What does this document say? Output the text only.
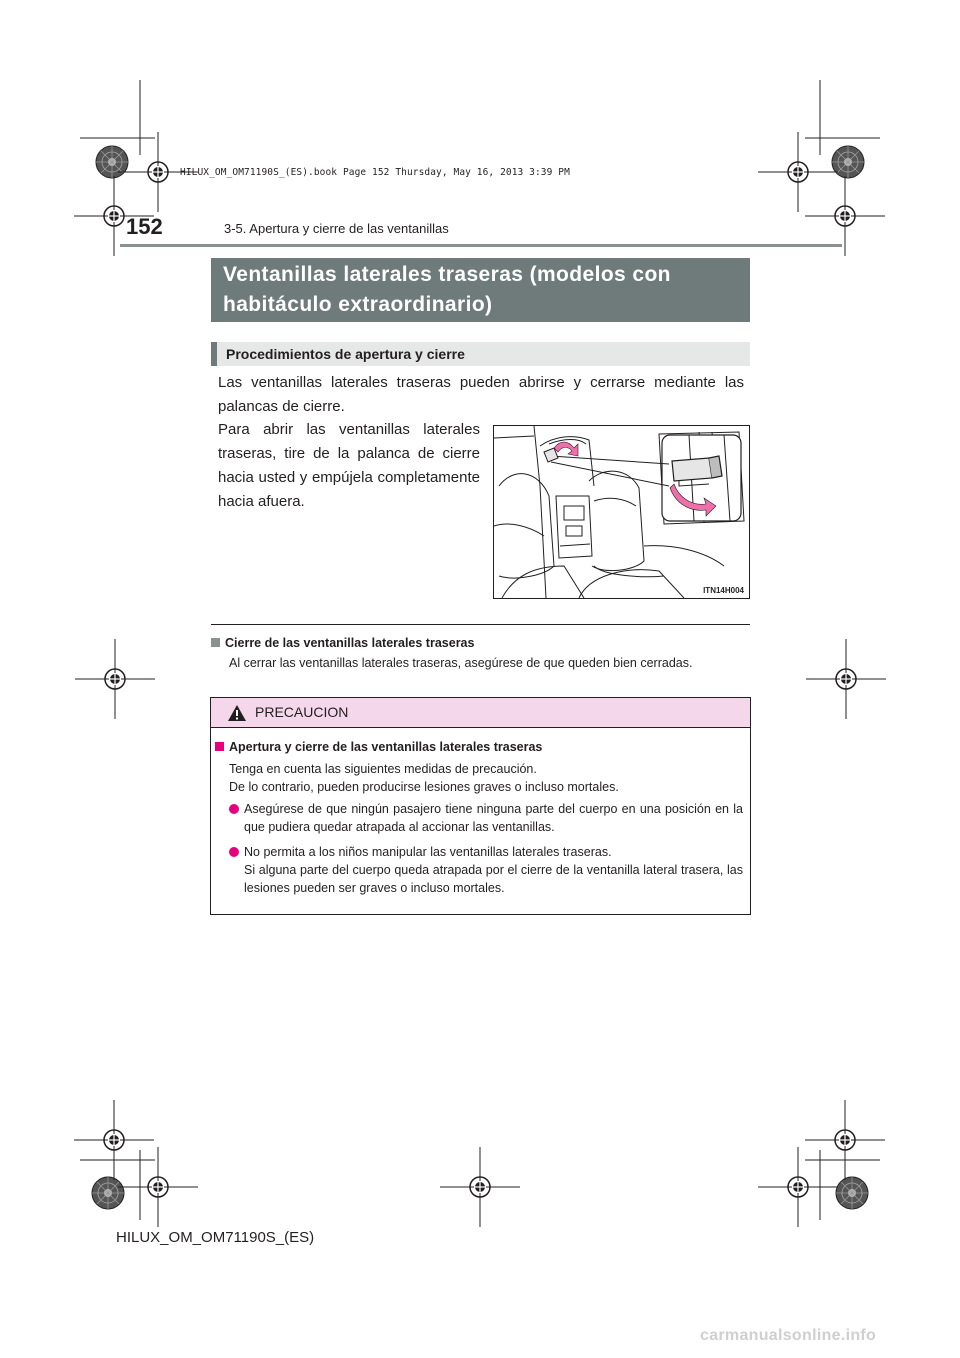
HILUX_OM_OM71190S_(ES).book Page 152 Thursday, May 16, 2013 3:39 PM
152	3-5. Apertura y cierre de las ventanillas
Ventanillas laterales traseras (modelos con
habitáculo extraordinario)
Procedimientos de apertura y cierre
Las ventanillas laterales traseras pueden abrirse y cerrarse mediante las palancas de cierre.
Para abrir las ventanillas laterales traseras, tire de la palanca de cierre hacia usted y empújela completamente hacia afuera.
ITN14H004
Cierre de las ventanillas laterales traseras
Al cerrar las ventanillas laterales traseras, asegúrese de que queden bien cerradas.
PRECAUCION
Apertura y cierre de las ventanillas laterales traseras
Tenga en cuenta las siguientes medidas de precaución.
De lo contrario, pueden producirse lesiones graves o incluso mortales.
Asegúrese de que ningún pasajero tiene ninguna parte del cuerpo en una posición en la que pudiera quedar atrapada al accionar las ventanillas.
No permita a los niños manipular las ventanillas laterales traseras.
Si alguna parte del cuerpo queda atrapada por el cierre de la ventanilla lateral trasera, las lesiones pueden ser graves o incluso mortales.
HILUX_OM_OM71190S_(ES)
carmanualsonline.info
